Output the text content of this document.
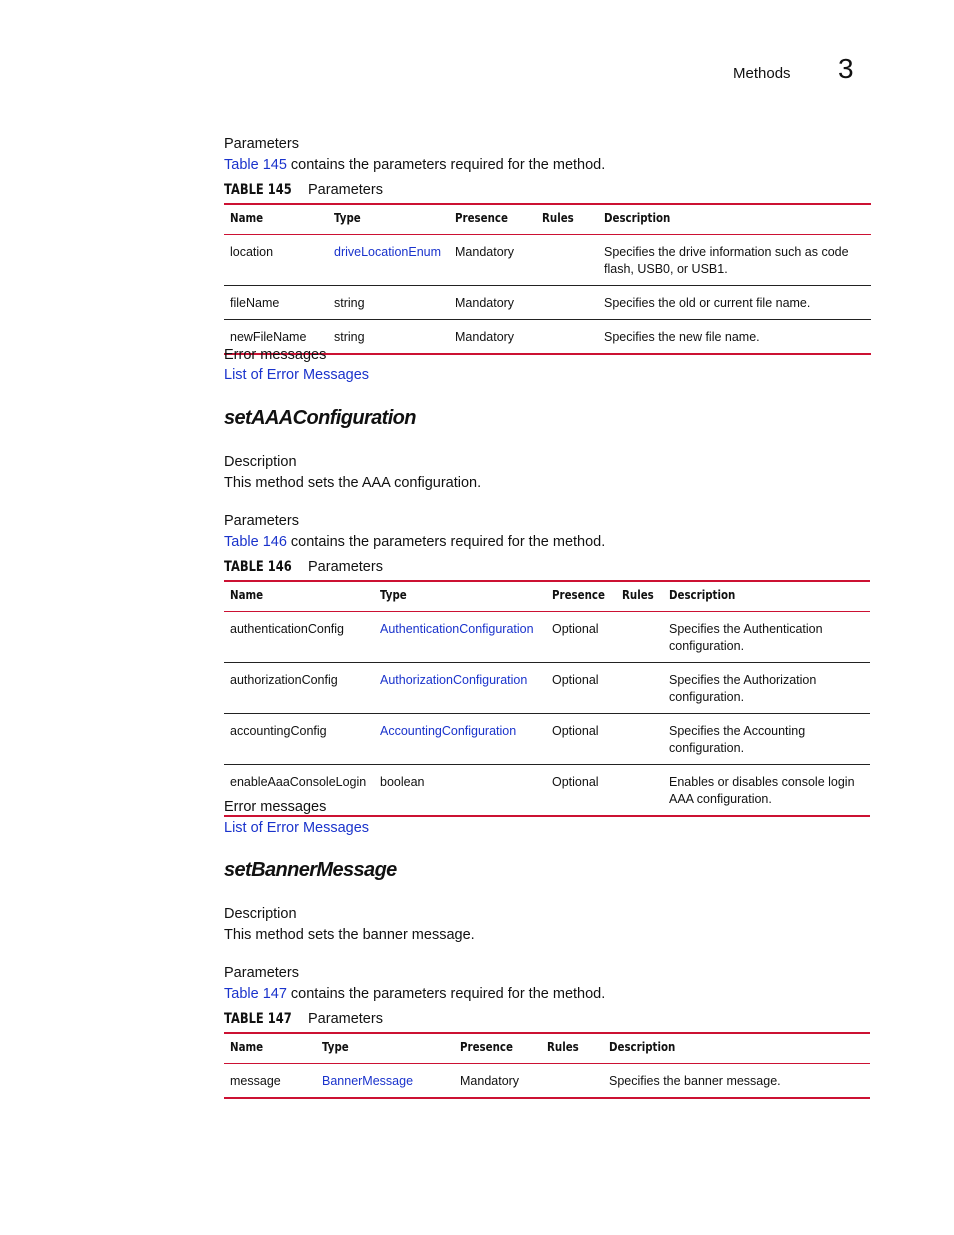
Methods 3
Parameters
Table 145 contains the parameters required for the method.
TABLE 145 Parameters
Name	Type	Presence	Rules	Description
location	driveLocationEnum	Mandatory		Specifies the drive information such as code flash, USB0, or USB1.
fileName	string	Mandatory		Specifies the old or current file name.
newFileName	string	Mandatory		Specifies the new file name.
Error messages
List of Error Messages
setAAAConfiguration
Description
This method sets the AAA configuration.
Parameters
Table 146 contains the parameters required for the method.
TABLE 146 Parameters
Name	Type	Presence	Rules	Description
authenticationConfig	AuthenticationConfiguration	Optional		Specifies the Authentication configuration.
authorizationConfig	AuthorizationConfiguration	Optional		Specifies the Authorization configuration.
accountingConfig	AccountingConfiguration	Optional		Specifies the Accounting configuration.
enableAaaConsoleLogin	boolean	Optional		Enables or disables console login AAA configuration.
Error messages
List of Error Messages
setBannerMessage
Description
This method sets the banner message.
Parameters
Table 147 contains the parameters required for the method.
TABLE 147 Parameters
Name	Type	Presence	Rules	Description
message	BannerMessage	Mandatory		Specifies the banner message.
